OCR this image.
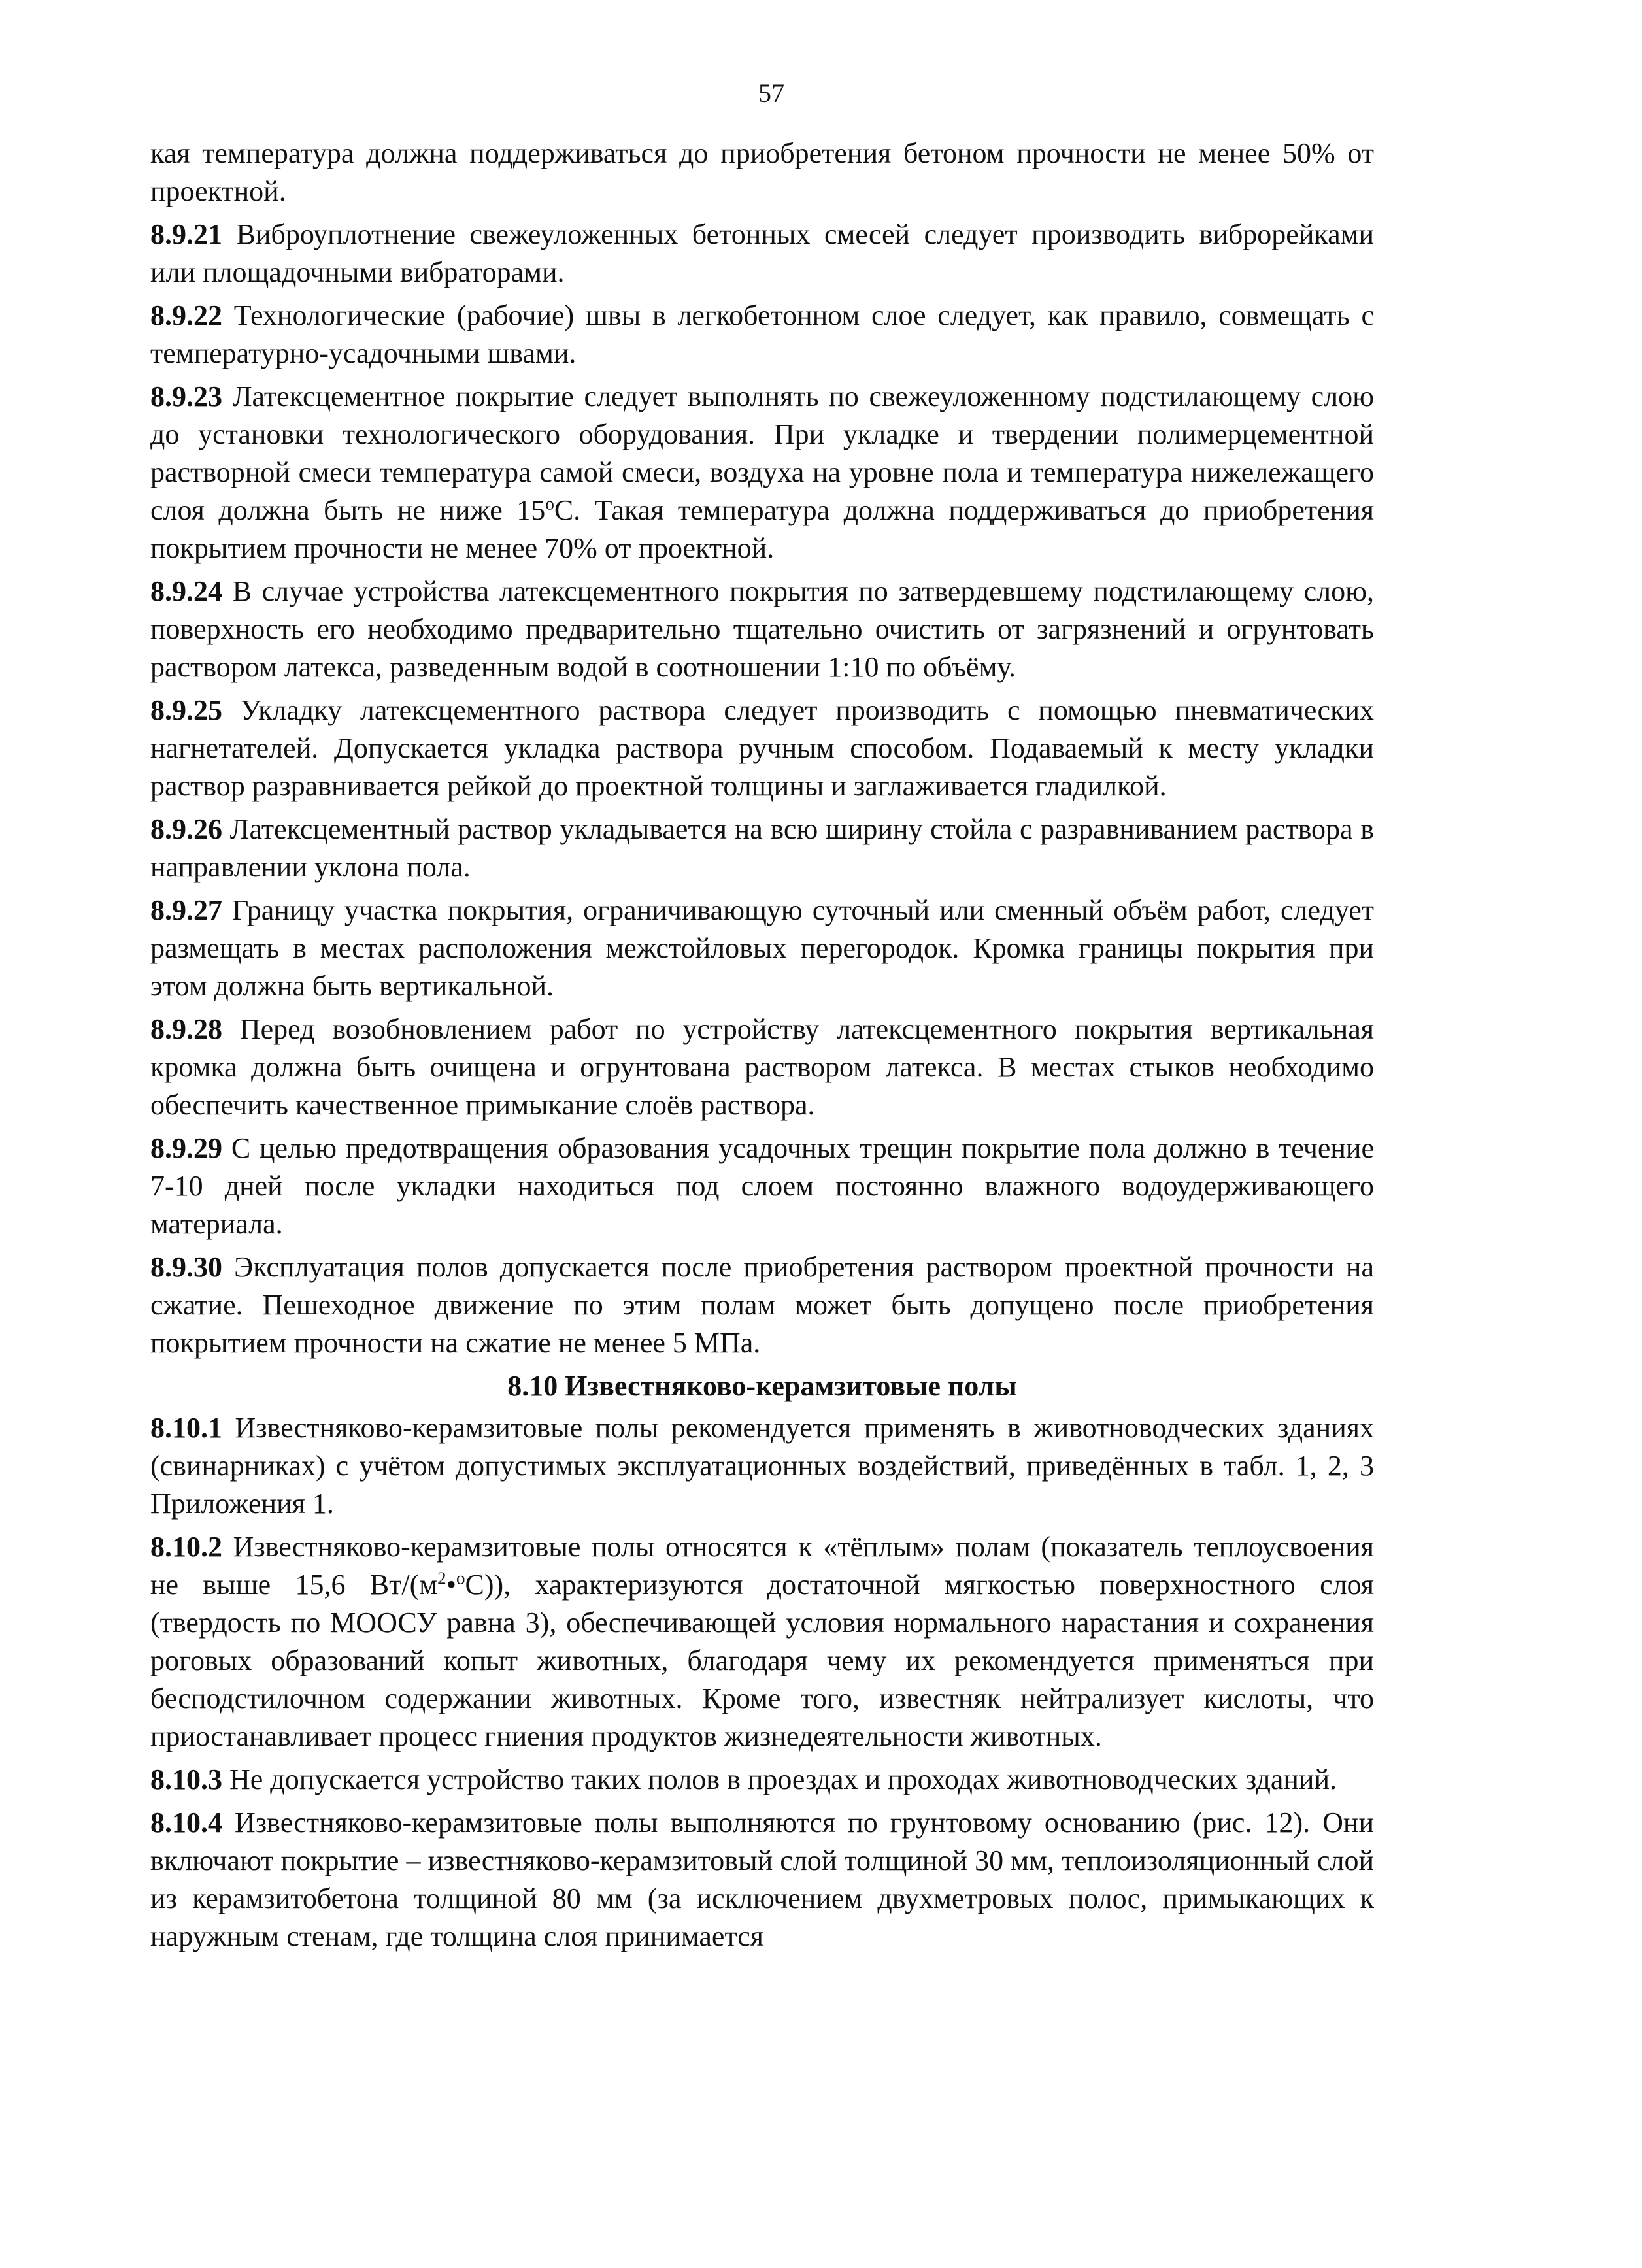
57

кая температура должна поддерживаться до приобретения бетоном прочности не менее 50% от проектной.

8.9.21 Виброуплотнение свежеуложенных бетонных смесей следует производить виброрейками или площадочными вибраторами.

8.9.22 Технологические (рабочие) швы в легкобетонном слое следует, как правило, совмещать с температурно-усадочными швами.

8.9.23 Латексцементное покрытие следует выполнять по свежеуложенному подстилающему слою до установки технологического оборудования. При укладке и твердении полимерцементной растворной смеси температура самой смеси, воздуха на уровне пола и температура нижележащего слоя должна быть не ниже $15^оС$. Такая температура должна поддерживаться до приобретения покрытием прочности не менее 70% от проектной.

8.9.24 В случае устройства латексцементного покрытия по затвердевшему подстилающему слою, поверхность его необходимо предварительно тщательно очистить от загрязнений и огрунтовать раствором латекса, разведенным водой в соотношении 1:10 по объёму.

8.9.25 Укладку латексцементного раствора следует производить с помощью пневматических нагнетателей. Допускается укладка раствора ручным способом. Подаваемый к месту укладки раствор разравнивается рейкой до проектной толщины и заглаживается гладилкой.

8.9.26 Латексцементный раствор укладывается на всю ширину стойла с разравниванием раствора в направлении уклона пола.

8.9.27 Границу участка покрытия, ограничивающую суточный или сменный объём работ, следует размещать в местах расположения межстойловых перегородок. Кромка границы покрытия при этом должна быть вертикальной.

8.9.28 Перед возобновлением работ по устройству латексцементного покрытия вертикальная кромка должна быть очищена и огрунтована раствором латекса. В местах стыков необходимо обеспечить качественное примыкание слоёв раствора.

8.9.29 С целью предотвращения образования усадочных трещин покрытие пола должно в течение 7-10 дней после укладки находиться под слоем постоянно влажного водоудерживающего материала.

8.9.30 Эксплуатация полов допускается после приобретения раствором проектной прочности на сжатие. Пешеходное движение по этим полам может быть допущено после приобретения покрытием прочности на сжатие не менее 5 МПа.

8.10 Известняково-керамзитовые полы

8.10.1 Известняково-керамзитовые полы рекомендуется применять в животноводческих зданиях (свинарниках) с учётом допустимых эксплуатационных воздействий, приведённых в табл. 1, 2, 3 Приложения 1.

8.10.2 Известняково-керамзитовые полы относятся к «тёплым» полам (показатель теплоусвоения не выше 15,6 $Вт/(м^2•^оС)$), характеризуются достаточной мягкостью поверхностного слоя (твердость по МООСУ равна 3), обеспечивающей условия нормального нарастания и сохранения роговых образований копыт животных, благодаря чему их рекомендуется применяться при бесподстилочном содержании животных. Кроме того, известняк нейтрализует кислоты, что приостанавливает процесс гниения продуктов жизнедеятельности животных.

8.10.3 Не допускается устройство таких полов в проездах и проходах животноводческих зданий.

8.10.4 Известняково-керамзитовые полы выполняются по грунтовому основанию (рис. 12). Они включают покрытие – известняково-керамзитовый слой толщиной 30 мм, теплоизоляционный слой из керамзитобетона толщиной 80 мм (за исключением двухметровых полос, примыкающих к наружным стенам, где толщина слоя принимается
